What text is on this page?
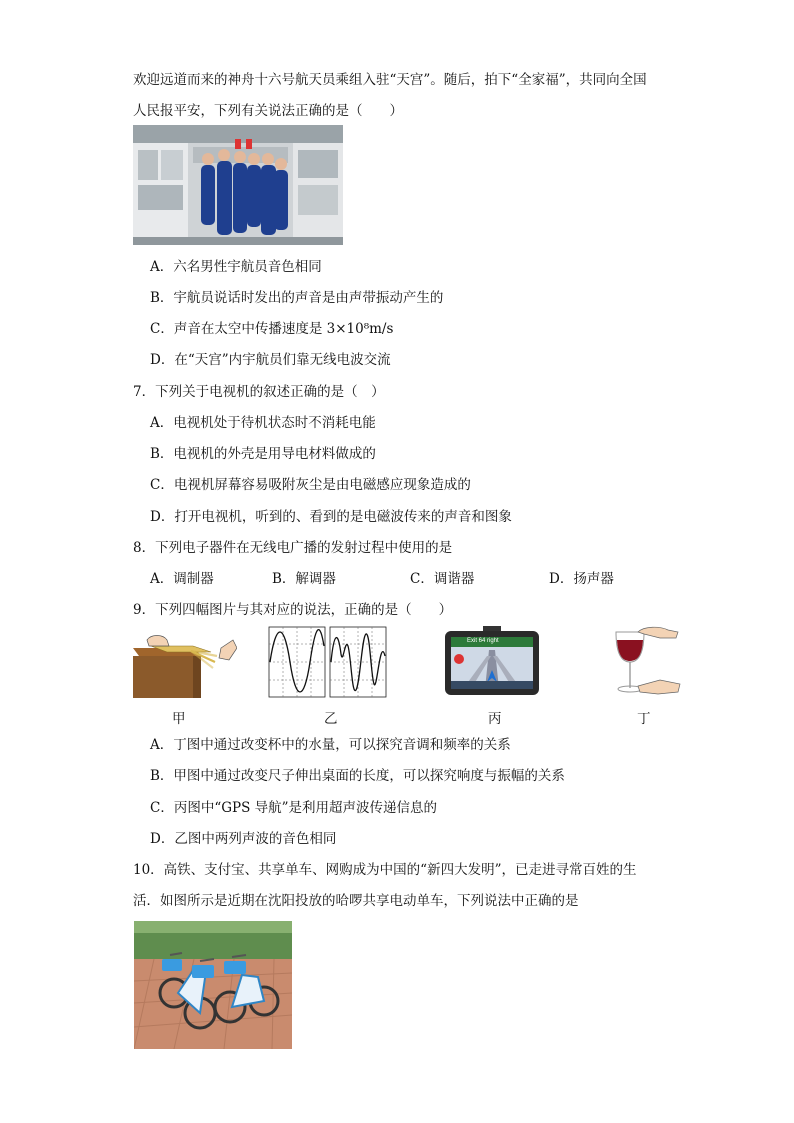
欢迎远道而来的神舟十六号航天员乘组入驻“天宫”。随后，拍下“全家福”，共同向全国
人民报平安，下列有关说法正确的是（　　）
A．六名男性宇航员音色相同
B．宇航员说话时发出的声音是由声带振动产生的
C．声音在太空中传播速度是 3×10⁸m/s
D．在“天宫”内宇航员们靠无线电波交流
7．下列关于电视机的叙述正确的是（　）
A．电视机处于待机状态时不消耗电能
B．电视机的外壳是用导电材料做成的
C．电视机屏幕容易吸附灰尘是由电磁感应现象造成的
D．打开电视机，听到的、看到的是电磁波传来的声音和图象
8．下列电子器件在无线电广播的发射过程中使用的是
A．调制器	B．解调器	C．调谐器	D．扬声器
9．下列四幅图片与其对应的说法，正确的是（　　）
甲	乙
Exit 64 right
丙	丁
A．丁图中通过改变杯中的水量，可以探究音调和频率的关系
B．甲图中通过改变尺子伸出桌面的长度，可以探究响度与振幅的关系
C．丙图中“GPS 导航”是利用超声波传递信息的
D．乙图中两列声波的音色相同
10．高铁、支付宝、共享单车、网购成为中国的“新四大发明”，已走进寻常百姓的生
活．如图所示是近期在沈阳投放的哈啰共享电动单车，下列说法中正确的是
